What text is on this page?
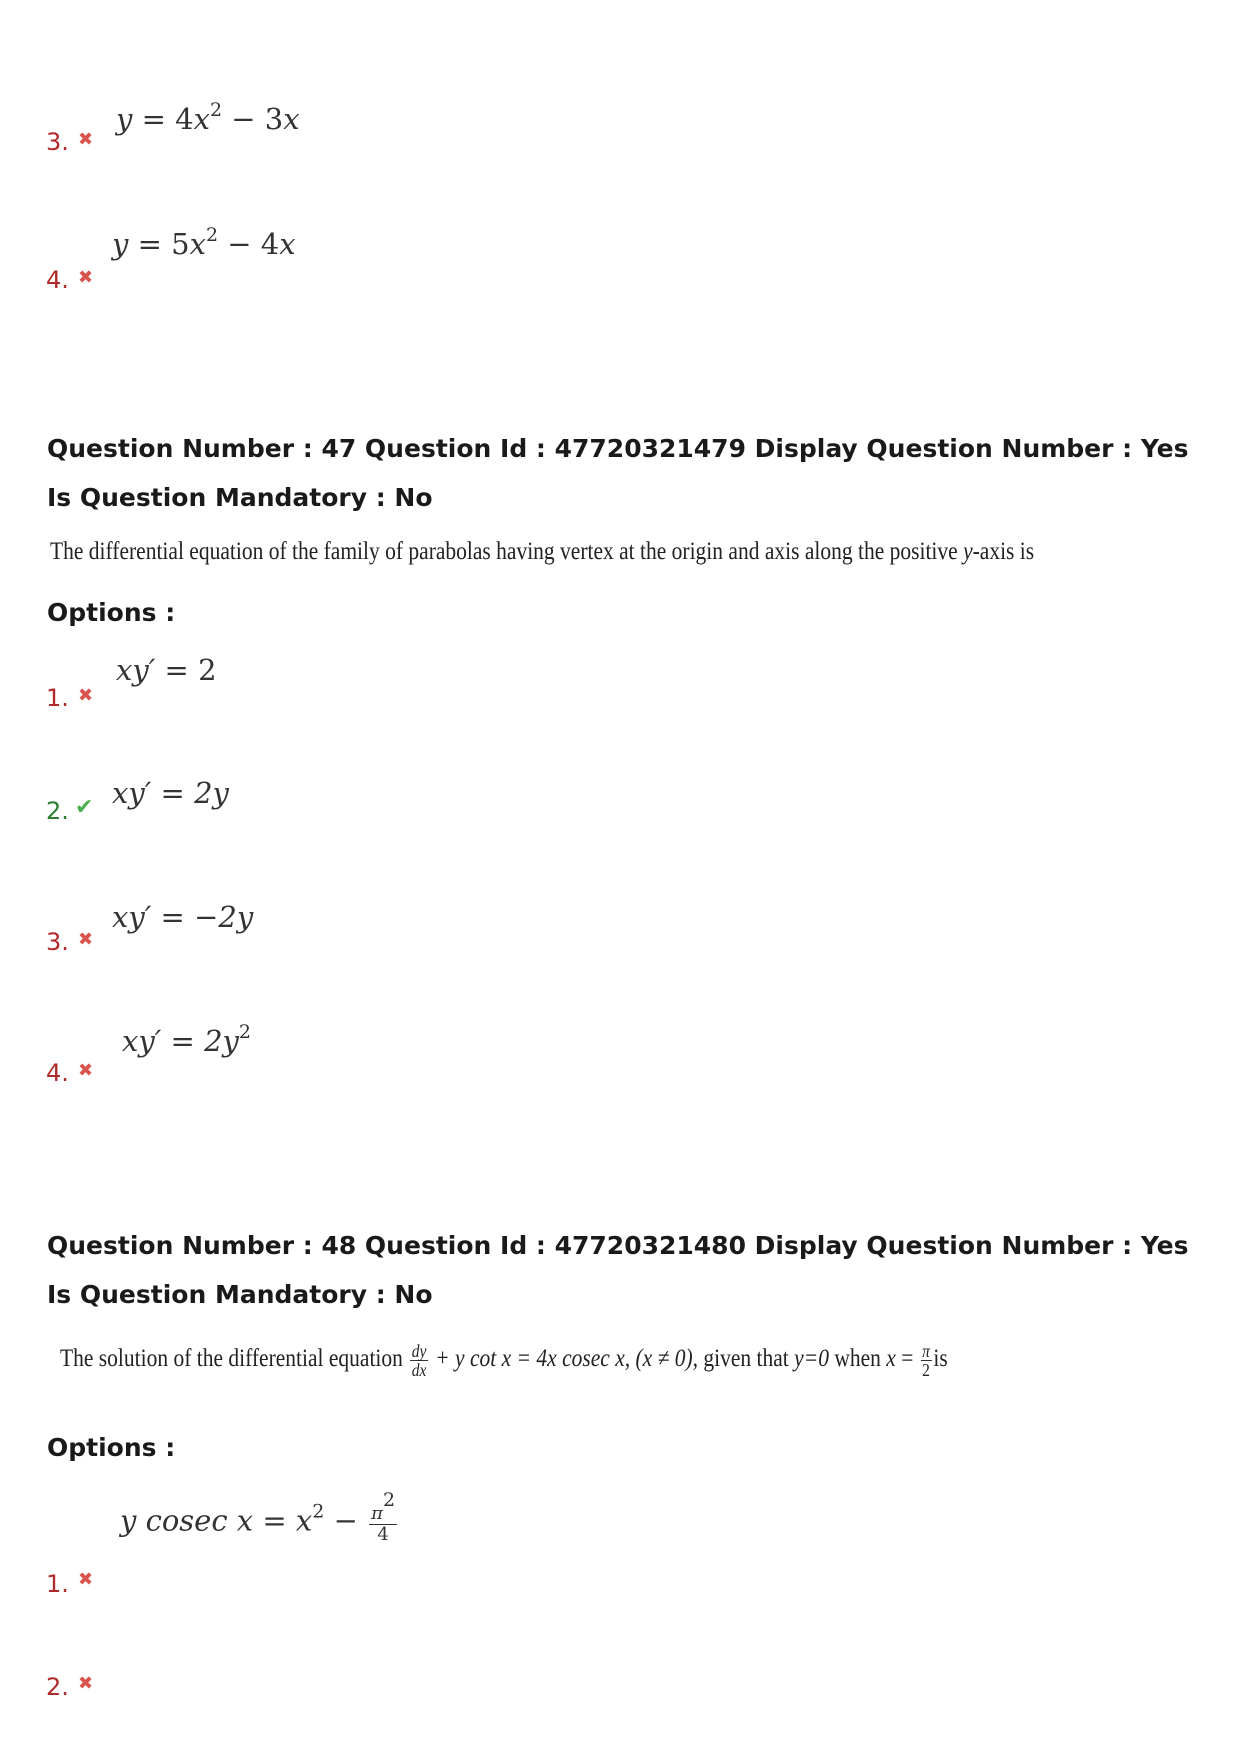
3. ✖
$y = 4x^2 - 3x$
4. ✖
$y = 5x^2 - 4x$
Question Number : 47 Question Id : 47720321479 Display Question Number : Yes Is Question Mandatory : No
The differential equation of the family of parabolas having vertex at the origin and axis along the positive y-axis is
Options :
1. ✖
xy′ = 2
2. ✔ xy′ = 2y
3. ✖
xy′ = −2y
4. ✖
$xy' = 2y^2$
Question Number : 48 Question Id : 47720321480 Display Question Number : Yes Is Question Mandatory : No
The solution of the differential equation $\frac{dy}{dx} + y$ cot x = 4x cosec x, (x ≠ 0), given that y=0 when $x = \frac{\pi}{2}$ is
Options :
1. ✖
y cosec $x = x^2 - \frac{\pi^2}{4}$
2. ✖
